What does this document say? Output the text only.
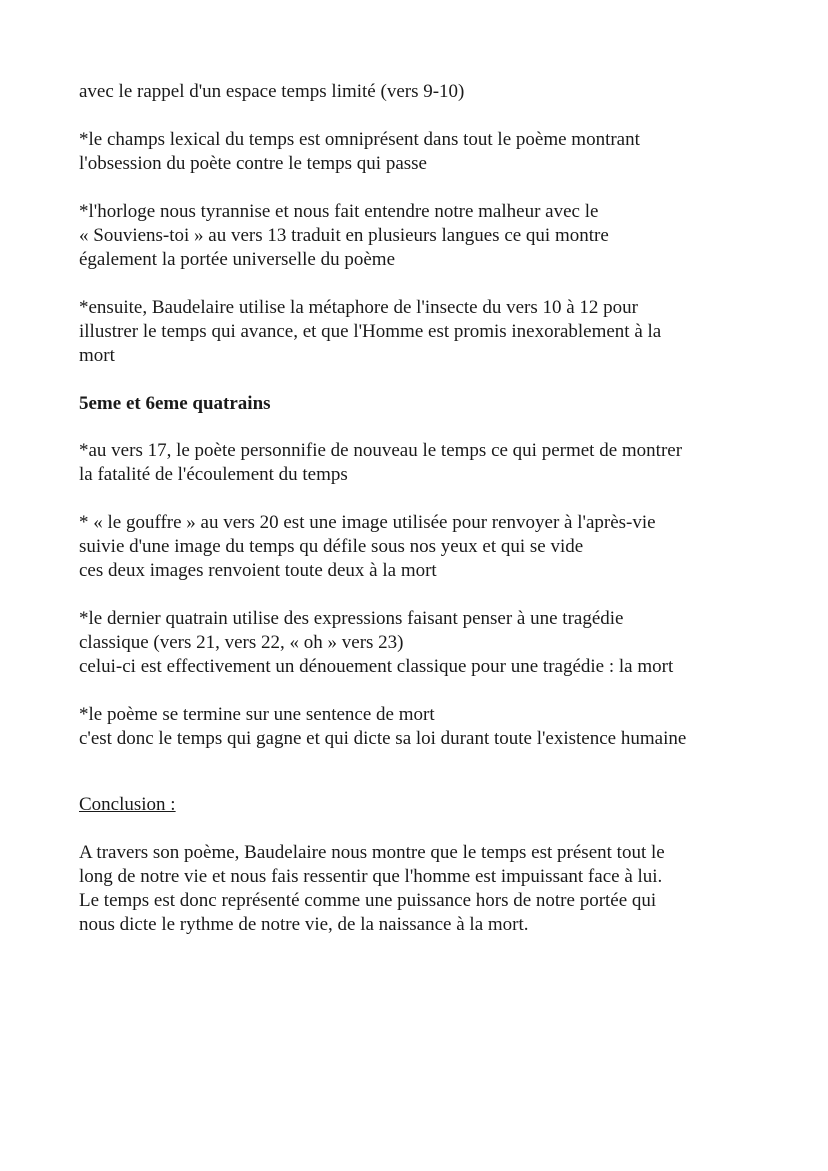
avec le rappel d'un espace temps limité (vers 9-10)
*le champs lexical du temps est omniprésent dans tout le poème montrant
l'obsession du poète contre le temps qui passe
*l'horloge nous tyrannise et nous fait entendre notre malheur avec le
« Souviens-toi » au vers 13 traduit en plusieurs langues ce qui montre
également la portée universelle du poème
*ensuite, Baudelaire utilise la métaphore de l'insecte du vers 10 à 12 pour
illustrer le temps qui avance, et que l'Homme est promis inexorablement à la
mort
5eme et 6eme quatrains
*au vers 17, le poète personnifie de nouveau le temps ce qui permet de montrer
la fatalité de l'écoulement du temps
* « le gouffre » au vers 20 est une image utilisée pour renvoyer à l'après-vie
suivie d'une image du temps qu défile sous nos yeux et qui se vide
ces deux images renvoient toute deux à la mort
*le dernier quatrain utilise des expressions faisant penser à une tragédie
classique (vers 21, vers 22, « oh » vers 23)
celui-ci est effectivement un dénouement classique pour une tragédie : la mort
*le poème se termine sur une sentence de mort
c'est donc le temps qui gagne et qui dicte sa loi durant toute l'existence humaine
Conclusion :
A travers son poème, Baudelaire nous montre que le temps est présent tout le
long de notre vie et nous fais ressentir que l'homme est impuissant face à lui.
Le temps est donc représenté comme une puissance hors de notre portée qui
nous dicte le rythme de notre vie, de la naissance à la mort.
